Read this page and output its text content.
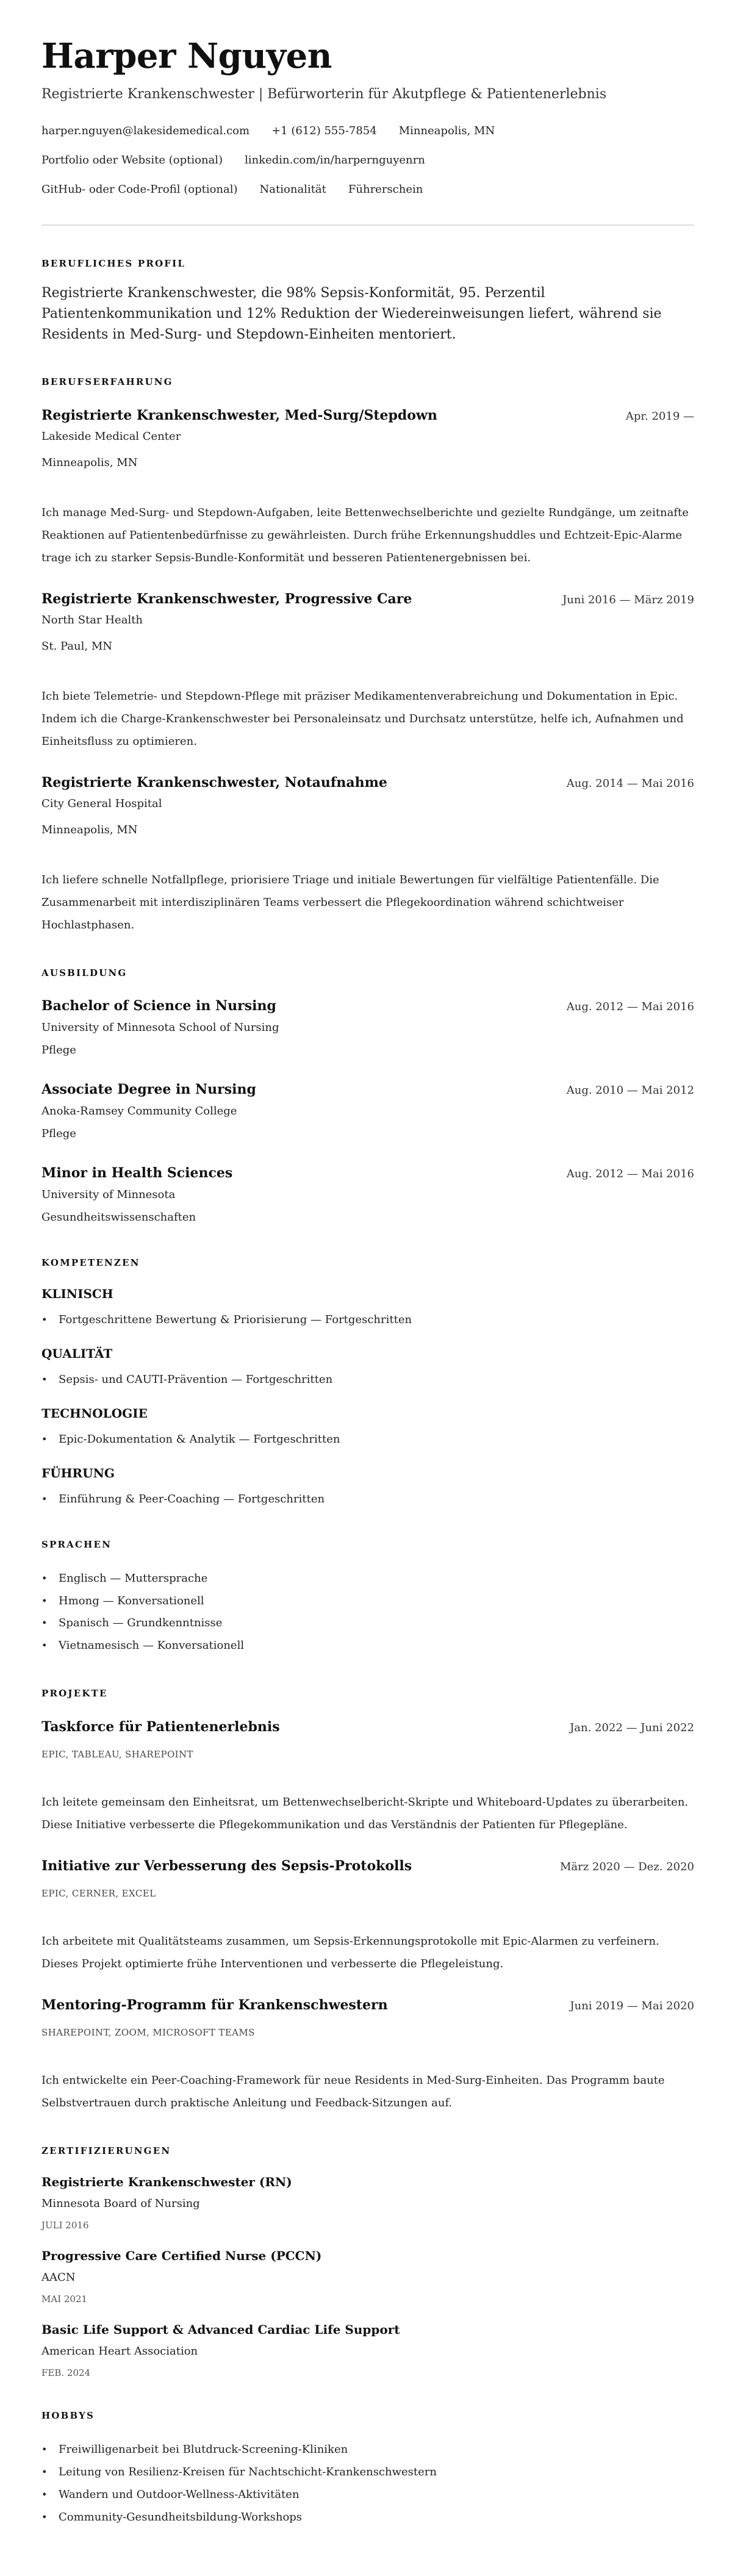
Harper Nguyen
Registrierte Krankenschwester | Befürworterin für Akutpflege & Patientenerlebnis
harper.nguyen@lakesidemedical.com +1 (612) 555-7854 Minneapolis, MN
Portfolio oder Website (optional) linkedin.com/in/harpernguyenrn
GitHub- oder Code-Profil (optional) Nationalität Führerschein
BERUFLICHES PROFIL
Registrierte Krankenschwester, die 98% Sepsis-Konformität, 95. Perzentil Patientenkommunikation und 12% Reduktion der Wiedereinweisungen liefert, während sie Residents in Med-Surg- und Stepdown-Einheiten mentoriert.
BERUFSERFAHRUNG
Registrierte Krankenschwester, Med-Surg/Stepdown	Apr. 2019 —
Lakeside Medical Center
Minneapolis, MN
Ich manage Med-Surg- und Stepdown-Aufgaben, leite Bettenwechselberichte und gezielte Rundgänge, um zeitnafte Reaktionen auf Patientenbedürfnisse zu gewährleisten. Durch frühe Erkennungshuddles und Echtzeit-Epic-Alarme trage ich zu starker Sepsis-Bundle-Konformität und besseren Patientenergebnissen bei.
Registrierte Krankenschwester, Progressive Care	Juni 2016 — März 2019
North Star Health
St. Paul, MN
Ich biete Telemetrie- und Stepdown-Pflege mit präziser Medikamentenverabreichung und Dokumentation in Epic. Indem ich die Charge-Krankenschwester bei Personaleinsatz und Durchsatz unterstütze, helfe ich, Aufnahmen und Einheitsfluss zu optimieren.
Registrierte Krankenschwester, Notaufnahme	Aug. 2014 — Mai 2016
City General Hospital
Minneapolis, MN
Ich liefere schnelle Notfallpflege, priorisiere Triage und initiale Bewertungen für vielfältige Patientenfälle. Die Zusammenarbeit mit interdisziplinären Teams verbessert die Pflegekoordination während schichtweiser Hochlastphasen.
AUSBILDUNG
Bachelor of Science in Nursing	Aug. 2012 — Mai 2016
University of Minnesota School of Nursing
Pflege
Associate Degree in Nursing	Aug. 2010 — Mai 2012
Anoka-Ramsey Community College
Pflege
Minor in Health Sciences	Aug. 2012 — Mai 2016
University of Minnesota
Gesundheitswissenschaften
KOMPETENZEN
KLINISCH
• Fortgeschrittene Bewertung & Priorisierung — Fortgeschritten
QUALITÄT
• Sepsis- und CAUTI-Prävention — Fortgeschritten
TECHNOLOGIE
• Epic-Dokumentation & Analytik — Fortgeschritten
FÜHRUNG
• Einführung & Peer-Coaching — Fortgeschritten
SPRACHEN
• Englisch — Muttersprache
• Hmong — Konversationell
• Spanisch — Grundkenntnisse
• Vietnamesisch — Konversationell
PROJEKTE
Taskforce für Patientenerlebnis	Jan. 2022 — Juni 2022
EPIC, TABLEAU, SHAREPOINT
Ich leitete gemeinsam den Einheitsrat, um Bettenwechselbericht-Skripte und Whiteboard-Updates zu überarbeiten. Diese Initiative verbesserte die Pflegekommunikation und das Verständnis der Patienten für Pflegepläne.
Initiative zur Verbesserung des Sepsis-Protokolls	März 2020 — Dez. 2020
EPIC, CERNER, EXCEL
Ich arbeitete mit Qualitätsteams zusammen, um Sepsis-Erkennungsprotokolle mit Epic-Alarmen zu verfeinern. Dieses Projekt optimierte frühe Interventionen und verbesserte die Pflegeleistung.
Mentoring-Programm für Krankenschwestern	Juni 2019 — Mai 2020
SHAREPOINT, ZOOM, MICROSOFT TEAMS
Ich entwickelte ein Peer-Coaching-Framework für neue Residents in Med-Surg-Einheiten. Das Programm baute Selbstvertrauen durch praktische Anleitung und Feedback-Sitzungen auf.
ZERTIFIZIERUNGEN
Registrierte Krankenschwester (RN)
Minnesota Board of Nursing
JULI 2016
Progressive Care Certified Nurse (PCCN)
AACN
MAI 2021
Basic Life Support & Advanced Cardiac Life Support
American Heart Association
FEB. 2024
HOBBYS
• Freiwilligenarbeit bei Blutdruck-Screening-Kliniken
• Leitung von Resilienz-Kreisen für Nachtschicht-Krankenschwestern
• Wandern und Outdoor-Wellness-Aktivitäten
• Community-Gesundheitsbildung-Workshops
